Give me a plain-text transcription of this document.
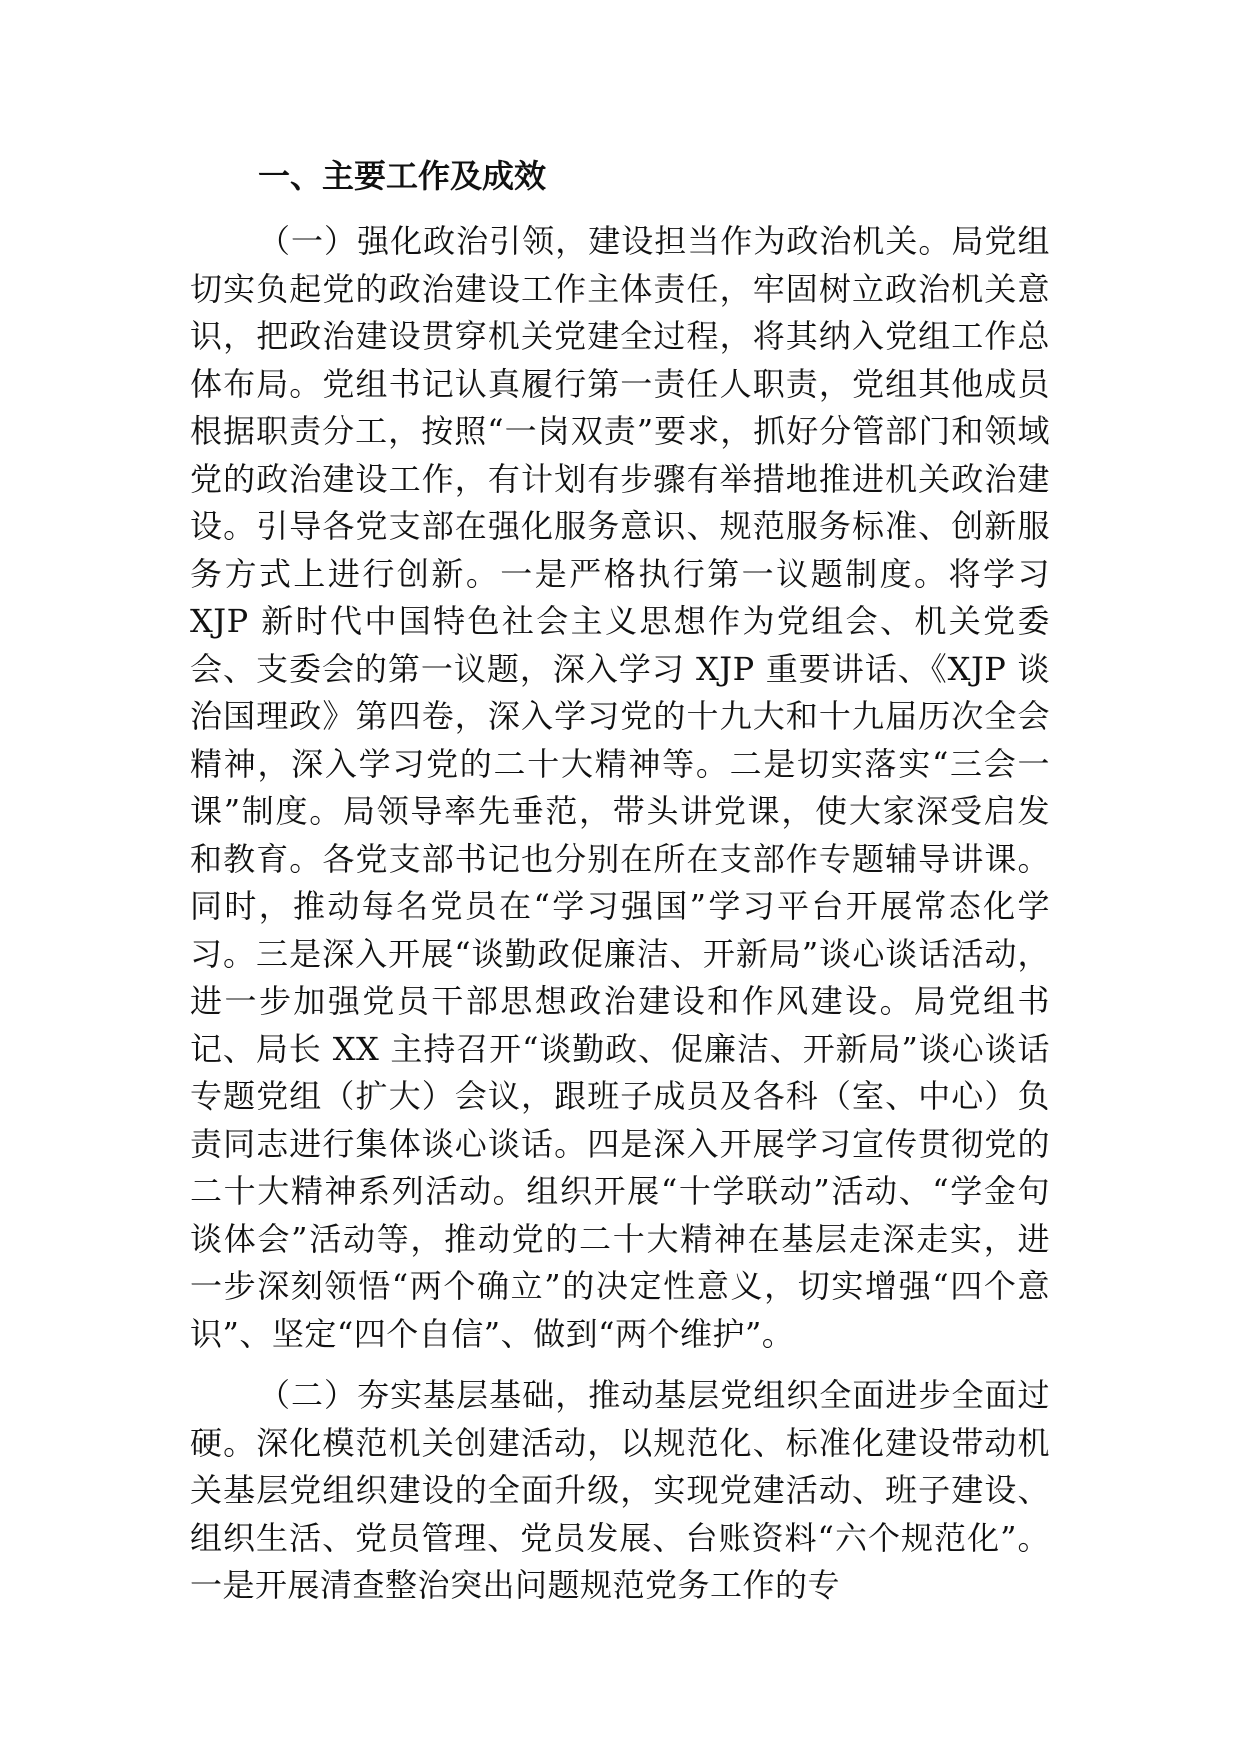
一、主要工作及成效

（一）强化政治引领，建设担当作为政治机关。局党组切实负起党的政治建设工作主体责任，牢固树立政治机关意识，把政治建设贯穿机关党建全过程，将其纳入党组工作总体布局。党组书记认真履行第一责任人职责，党组其他成员根据职责分工，按照“一岗双责”要求，抓好分管部门和领域党的政治建设工作，有计划有步骤有举措地推进机关政治建设。引导各党支部在强化服务意识、规范服务标准、创新服务方式上进行创新。一是严格执行第一议题制度。将学习 XJP 新时代中国特色社会主义思想作为党组会、机关党委会、支委会的第一议题，深入学习 XJP 重要讲话、《XJP 谈治国理政》第四卷，深入学习党的十九大和十九届历次全会精神，深入学习党的二十大精神等。二是切实落实“三会一课”制度。局领导率先垂范，带头讲党课，使大家深受启发和教育。各党支部书记也分别在所在支部作专题辅导讲课。同时，推动每名党员在“学习强国”学习平台开展常态化学习。三是深入开展“谈勤政促廉洁、开新局”谈心谈话活动，进一步加强党员干部思想政治建设和作风建设。局党组书记、局长 XX 主持召开“谈勤政、促廉洁、开新局”谈心谈话专题党组（扩大）会议，跟班子成员及各科（室、中心）负责同志进行集体谈心谈话。四是深入开展学习宣传贯彻党的二十大精神系列活动。组织开展“十学联动”活动、“学金句谈体会”活动等，推动党的二十大精神在基层走深走实，进一步深刻领悟“两个确立”的决定性意义，切实增强“四个意识”、坚定“四个自信”、做到“两个维护”。

（二）夯实基层基础，推动基层党组织全面进步全面过硬。深化模范机关创建活动，以规范化、标准化建设带动机关基层党组织建设的全面升级，实现党建活动、班子建设、组织生活、党员管理、党员发展、台账资料“六个规范化”。一是开展清查整治突出问题规范党务工作的专
